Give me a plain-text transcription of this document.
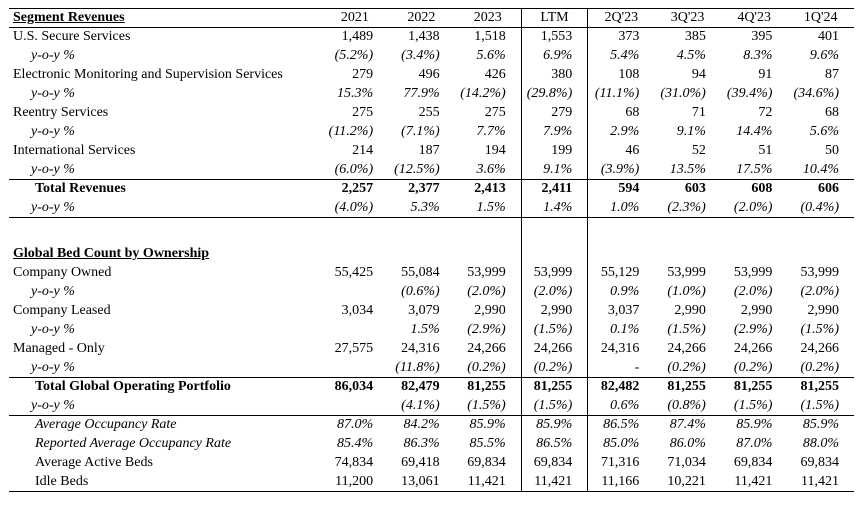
Segment Revenues	2021	2022	2023	LTM	2Q'23	3Q'23	4Q'23	1Q'24
U.S. Secure Services	1,489	1,438	1,518	1,553	373	385	395	401
y-o-y %	(5.2%)	(3.4%)	5.6%	6.9%	5.4%	4.5%	8.3%	9.6%
Electronic Monitoring and Supervision Services	279	496	426	380	108	94	91	87
y-o-y %	15.3%	77.9%	(14.2%)	(29.8%)	(11.1%)	(31.0%)	(39.4%)	(34.6%)
Reentry Services	275	255	275	279	68	71	72	68
y-o-y %	(11.2%)	(7.1%)	7.7%	7.9%	2.9%	9.1%	14.4%	5.6%
International Services	214	187	194	199	46	52	51	50
y-o-y %	(6.0%)	(12.5%)	3.6%	9.1%	(3.9%)	13.5%	17.5%	10.4%
Total Revenues	2,257	2,377	2,413	2,411	594	603	608	606
y-o-y %	(4.0%)	5.3%	1.5%	1.4%	1.0%	(2.3%)	(2.0%)	(0.4%)

Global Bed Count by Ownership								
Company Owned	55,425	55,084	53,999	53,999	55,129	53,999	53,999	53,999
y-o-y %		(0.6%)	(2.0%)	(2.0%)	0.9%	(1.0%)	(2.0%)	(2.0%)
Company Leased	3,034	3,079	2,990	2,990	3,037	2,990	2,990	2,990
y-o-y %		1.5%	(2.9%)	(1.5%)	0.1%	(1.5%)	(2.9%)	(1.5%)
Managed - Only	27,575	24,316	24,266	24,266	24,316	24,266	24,266	24,266
y-o-y %		(11.8%)	(0.2%)	(0.2%)	-	(0.2%)	(0.2%)	(0.2%)
Total Global Operating Portfolio	86,034	82,479	81,255	81,255	82,482	81,255	81,255	81,255
y-o-y %		(4.1%)	(1.5%)	(1.5%)	0.6%	(0.8%)	(1.5%)	(1.5%)
Average Occupancy Rate	87.0%	84.2%	85.9%	85.9%	86.5%	87.4%	85.9%	85.9%
Reported Average Occupancy Rate	85.4%	86.3%	85.5%	86.5%	85.0%	86.0%	87.0%	88.0%
Average Active Beds	74,834	69,418	69,834	69,834	71,316	71,034	69,834	69,834
Idle Beds	11,200	13,061	11,421	11,421	11,166	10,221	11,421	11,421
